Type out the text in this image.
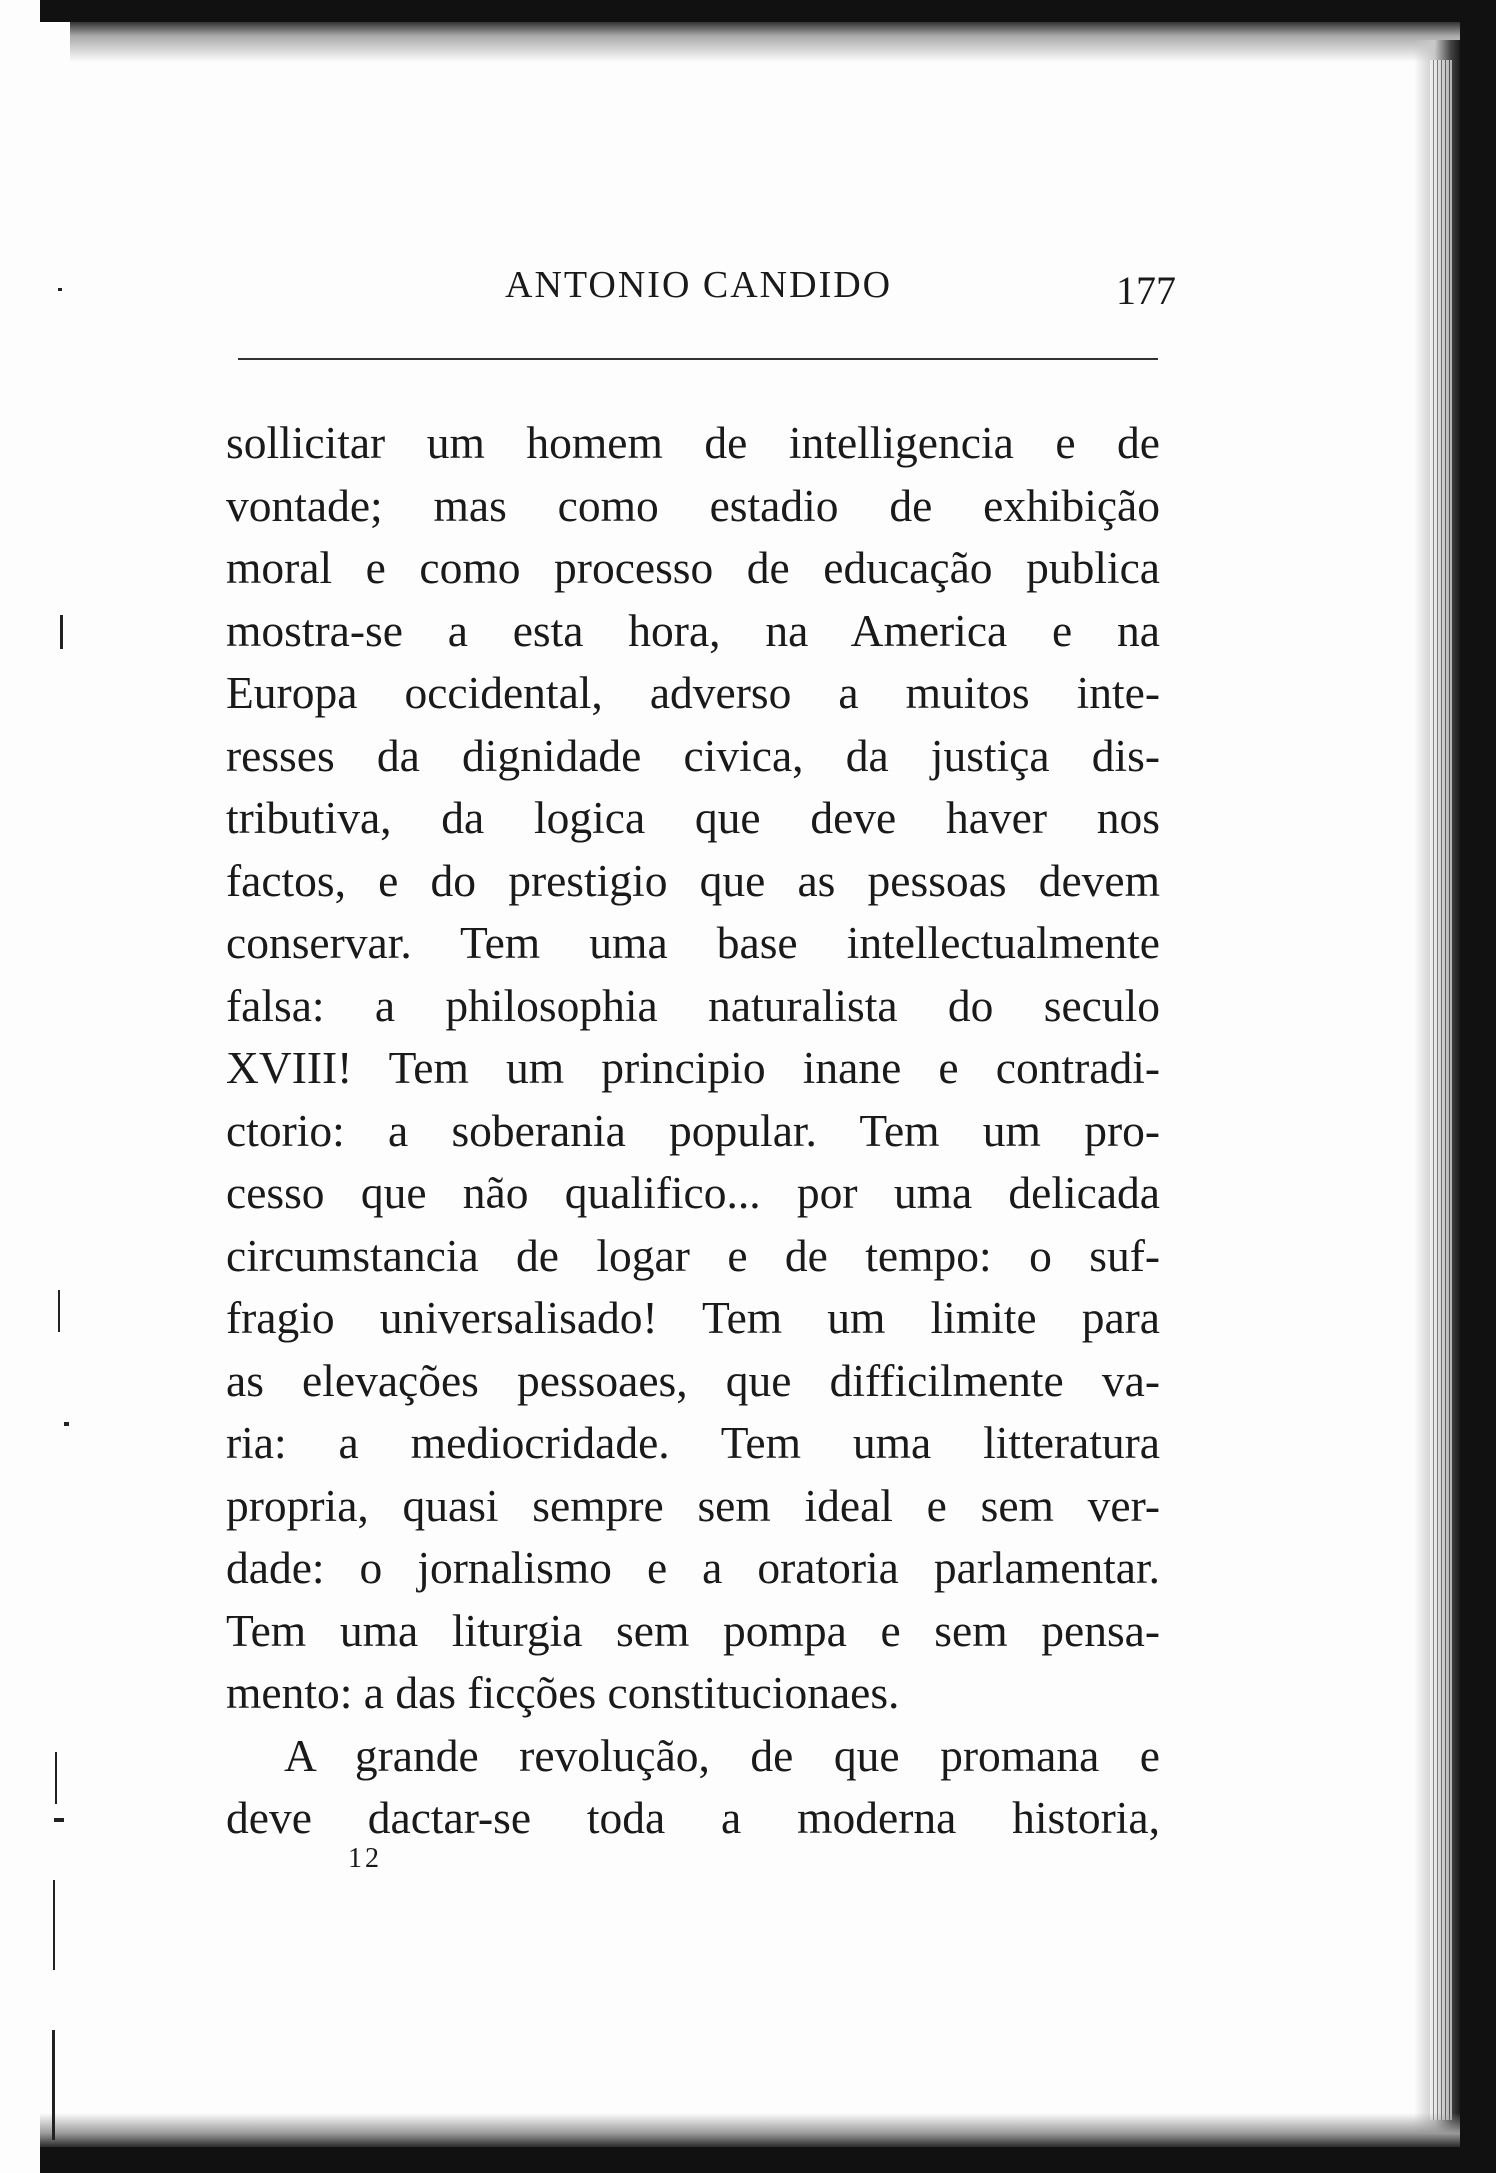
ANTONIO CANDIDO	177
sollicitar um homem de intelligencia e de
vontade; mas como estadio de exhibição
moral e como processo de educação publica
mostra-se a esta hora, na America e na
Europa occidental, adverso a muitos inte-
resses da dignidade civica, da justiça dis-
tributiva, da logica que deve haver nos
factos, e do prestigio que as pessoas devem
conservar. Tem uma base intellectualmente
falsa: a philosophia naturalista do seculo
XVIII! Tem um principio inane e contradi-
ctorio: a soberania popular. Tem um pro-
cesso que não qualifico... por uma delicada
circumstancia de logar e de tempo: o suf-
fragio universalisado! Tem um limite para
as elevações pessoaes, que difficilmente va-
ria: a mediocridade. Tem uma litteratura
propria, quasi sempre sem ideal e sem ver-
dade: o jornalismo e a oratoria parlamentar.
Tem uma liturgia sem pompa e sem pensa-
mento: a das ficções constitucionaes.
A grande revolução, de que promana e
deve dactar-se toda a moderna historia,
12
